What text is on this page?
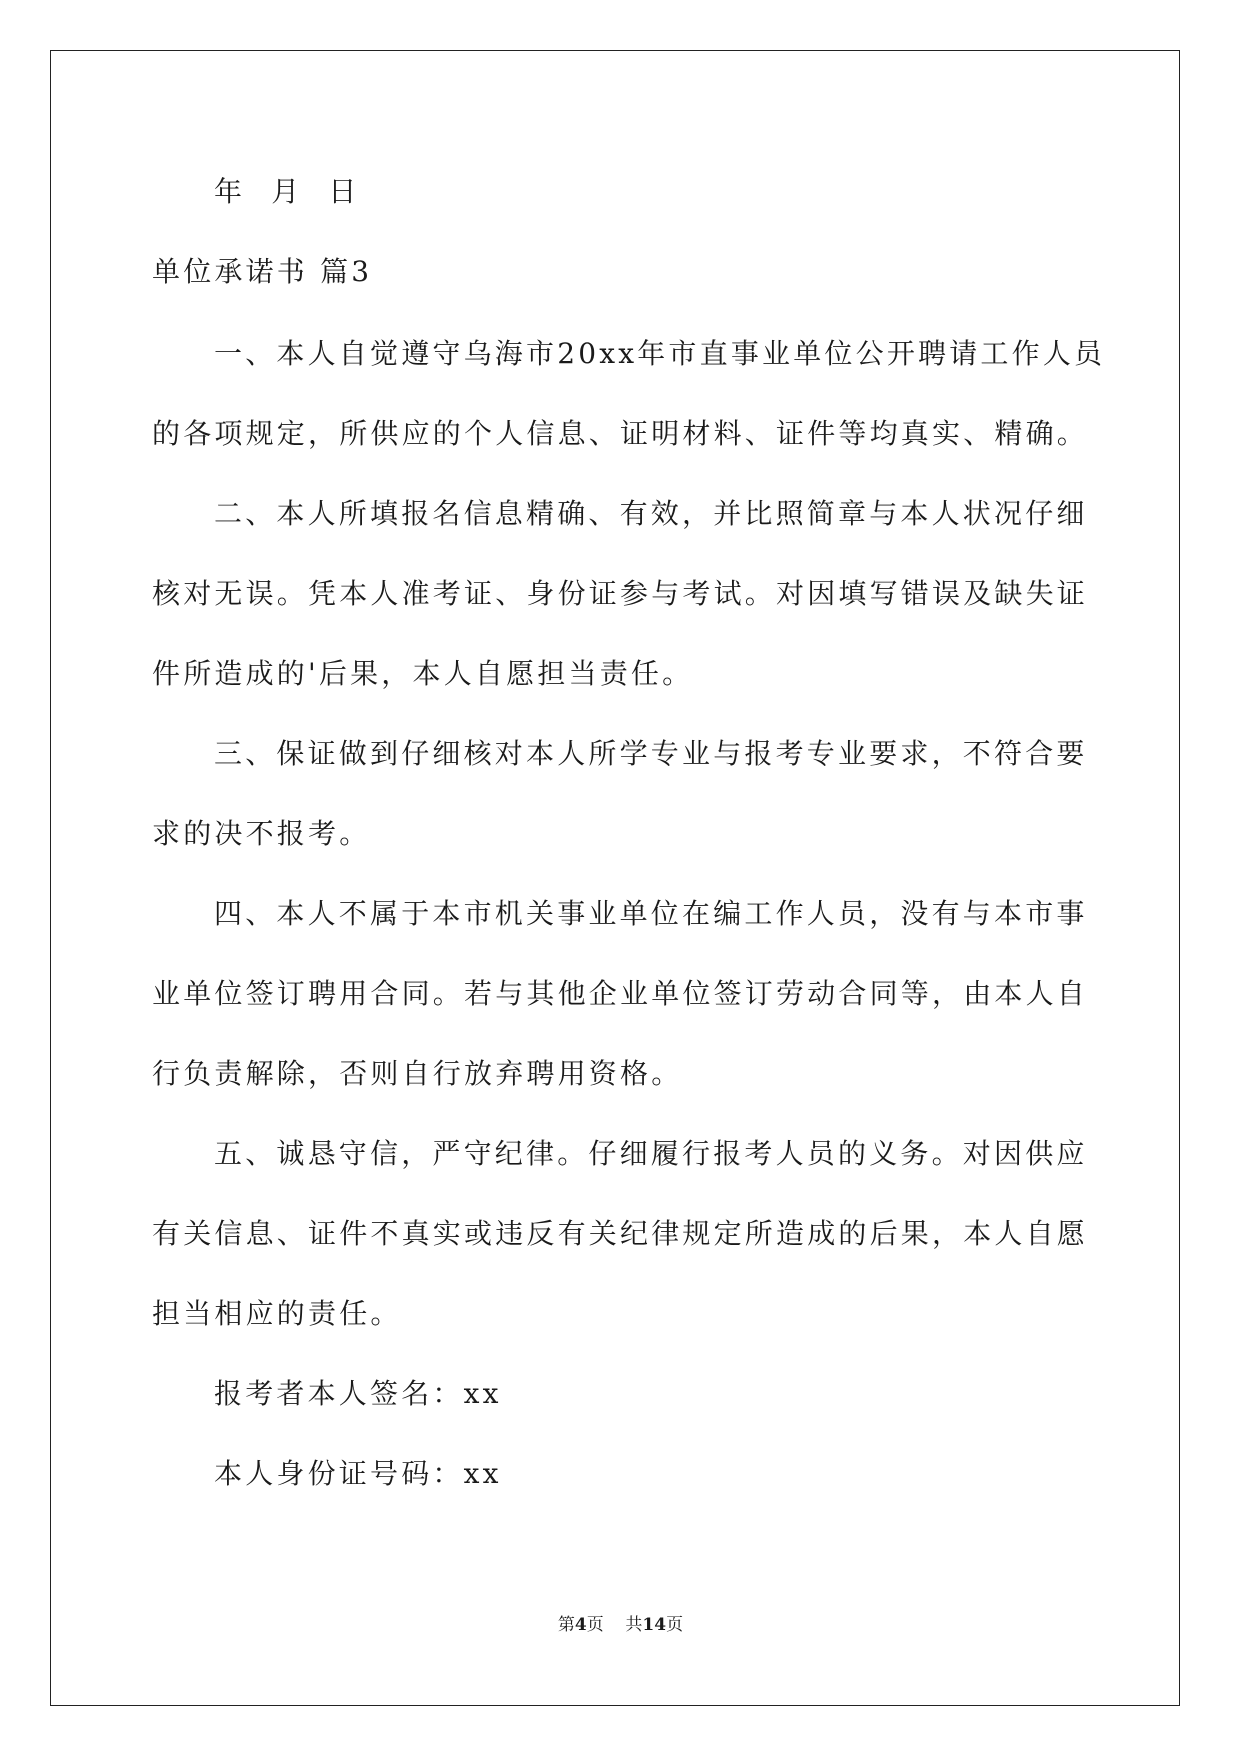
年 月 日
单位承诺书 篇3
一、本人自觉遵守乌海市20xx年市直事业单位公开聘请工作人员
的各项规定，所供应的个人信息、证明材料、证件等均真实、精确。
二、本人所填报名信息精确、有效，并比照简章与本人状况仔细
核对无误。凭本人准考证、身份证参与考试。对因填写错误及缺失证
件所造成的'后果，本人自愿担当责任。
三、保证做到仔细核对本人所学专业与报考专业要求，不符合要
求的决不报考。
四、本人不属于本市机关事业单位在编工作人员，没有与本市事
业单位签订聘用合同。若与其他企业单位签订劳动合同等，由本人自
行负责解除，否则自行放弃聘用资格。
五、诚恳守信，严守纪律。仔细履行报考人员的义务。对因供应
有关信息、证件不真实或违反有关纪律规定所造成的后果，本人自愿
担当相应的责任。
报考者本人签名：xx
本人身份证号码：xx
第4页 共14页
